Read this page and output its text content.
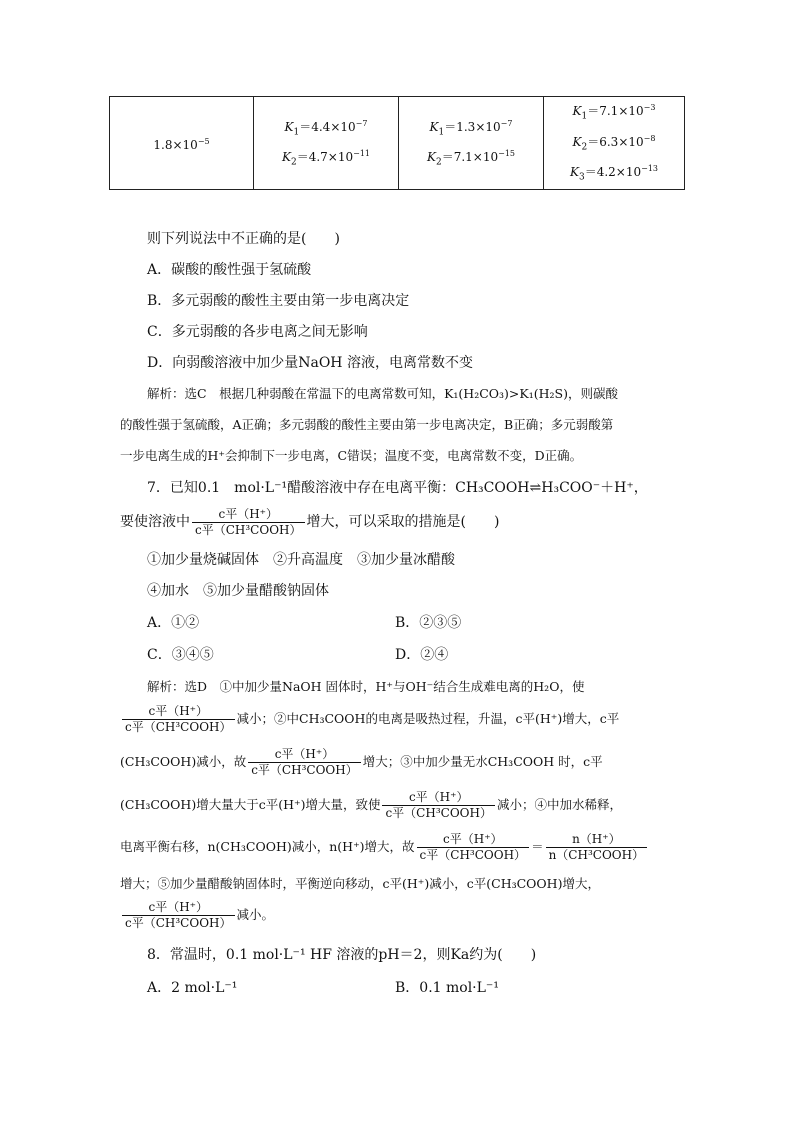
$1.8\times 10^{-5}$

$K_1=4.4\times 10^{-7}$
$K_2=4.7\times 10^{-11}$

$K_1=1.3\times 10^{-7}$
$K_2=7.1\times 10^{-15}$

$K_1=7.1\times 10^{-3}$
$K_2=6.3\times 10^{-8}$
$K_3=4.2\times 10^{-13}$
则下列说法中不正确的是(　　)
A．碳酸的酸性强于氢硫酸
B．多元弱酸的酸性主要由第一步电离决定
C．多元弱酸的各步电离之间无影响
D．向弱酸溶液中加少量NaOH 溶液，电离常数不变
解析：选C　根据几种弱酸在常温下的电离常数可知，K₁(H₂CO₃)>K₁(H₂S)，则碳酸
的酸性强于氢硫酸，A正确；多元弱酸的酸性主要由第一步电离决定，B正确；多元弱酸第
一步电离生成的H⁺会抑制下一步电离，C错误；温度不变，电离常数不变，D正确。
7．已知0.1　mol·L⁻¹醋酸溶液中存在电离平衡：CH₃COOH⇌H₃COO⁻＋H⁺，
要使溶液中 $\frac{\text{c平（H⁺）}}{\text{c平（CH³COOH）}}$ 增大，可以采取的措施是(　　)
①加少量烧碱固体　②升高温度　③加少量冰醋酸
④加水　⑤加少量醋酸钠固体
A．①②	B．②③⑤
C．③④⑤	D．②④
解析：选D　①中加少量NaOH 固体时，H⁺与OH⁻结合生成难电离的H₂O，使
$\frac{\text{c平（H⁺）}}{\text{c平（CH³COOH）}}$ 减小；②中CH₃COOH的电离是吸热过程，升温，c平(H⁺)增大，c平
(CH₃COOH)减小，故 $\frac{\text{c平（H⁺）}}{\text{c平（CH³COOH）}}$ 增大；③中加少量无水CH₃COOH 时，c平
(CH₃COOH)增大量大于c平(H⁺)增大量，致使 $\frac{\text{c平（H⁺）}}{\text{c平（CH³COOH）}}$ 减小；④中加水稀释，
电离平衡右移，n(CH₃COOH)减小，n(H⁺)增大，故 $\frac{\text{c平（H⁺）}}{\text{c平（CH³COOH）}} = \frac{n(H^+)}{\text{n（CH³COOH）}}$
增大；⑤加少量醋酸钠固体时，平衡逆向移动，c平(H⁺)减小，c平(CH₃COOH)增大，
$\frac{\text{c平（H⁺）}}{\text{c平（CH³COOH）}}$ 减小。
8．常温时，0.1 mol·L⁻¹ HF 溶液的pH＝2，则Ka约为(　　)
A．2 mol·L⁻¹	B．0.1 mol·L⁻¹
